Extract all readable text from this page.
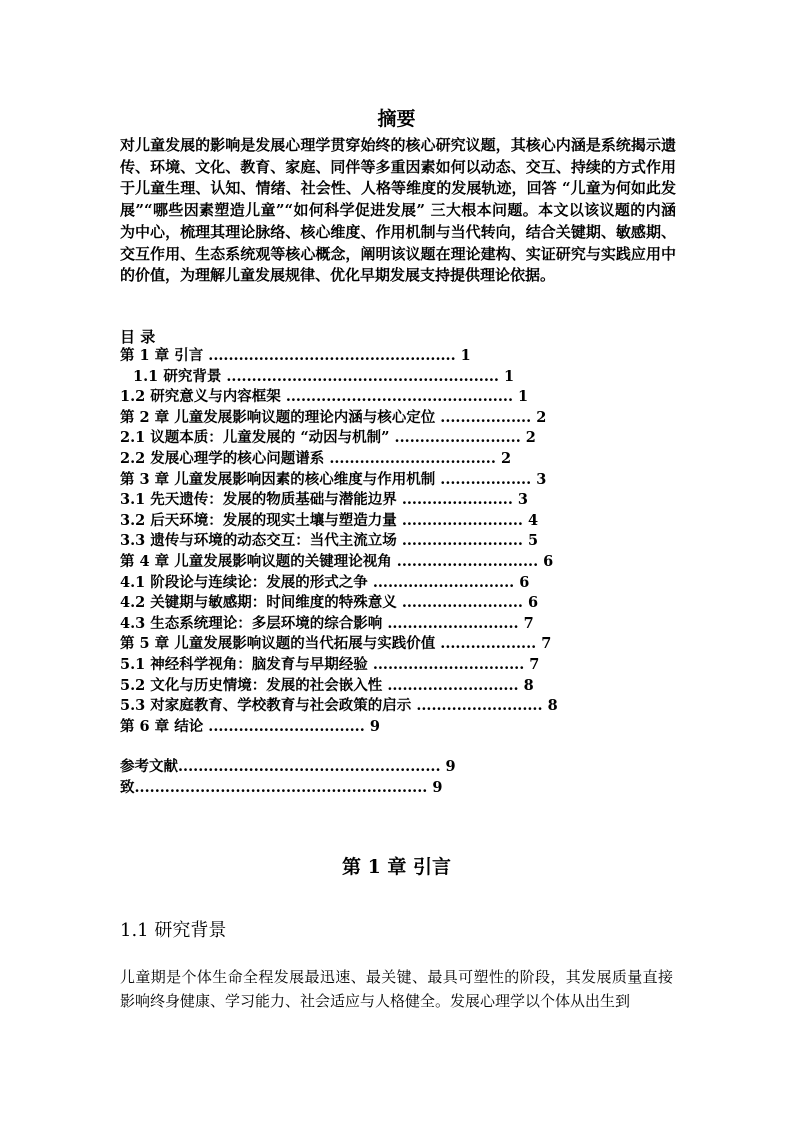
摘要

对儿童发展的影响是发展心理学贯穿始终的核心研究议题，其核心内涵是系统揭示遗传、环境、文化、教育、家庭、同伴等多重因素如何以动态、交互、持续的方式作用于儿童生理、认知、情绪、社会性、人格等维度的发展轨迹，回答 “儿童为何如此发展”“哪些因素塑造儿童”“如何科学促进发展” 三大根本问题。本文以该议题的内涵为中心，梳理其理论脉络、核心维度、作用机制与当代转向，结合关键期、敏感期、交互作用、生态系统观等核心概念，阐明该议题在理论建构、实证研究与实践应用中的价值，为理解儿童发展规律、优化早期发展支持提供理论依据。

目 录
第 1 章 引言 ................................................. 1
1.1 研究背景 ...................................................... 1
1.2 研究意义与内容框架 ............................................. 1
第 2 章 儿童发展影响议题的理论内涵与核心定位 .................. 2
2.1 议题本质：儿童发展的 “动因与机制” ......................... 2
2.2 发展心理学的核心问题谱系 ................................. 2
第 3 章 儿童发展影响因素的核心维度与作用机制 .................. 3
3.1 先天遗传：发展的物质基础与潜能边界 ...................... 3
3.2 后天环境：发展的现实土壤与塑造力量 ........................ 4
3.3 遗传与环境的动态交互：当代主流立场 ........................ 5
第 4 章 儿童发展影响议题的关键理论视角 ............................ 6
4.1 阶段论与连续论：发展的形式之争 ............................ 6
4.2 关键期与敏感期：时间维度的特殊意义 ........................ 6
4.3 生态系统理论：多层环境的综合影响 .......................... 7
第 5 章 儿童发展影响议题的当代拓展与实践价值 ................... 7
5.1 神经科学视角：脑发育与早期经验 .............................. 7
5.2 文化与历史情境：发展的社会嵌入性 .......................... 8
5.3 对家庭教育、学校教育与社会政策的启示 ......................... 8
第 6 章 结论 ............................... 9
参考文献.................................................... 9
致.......................................................... 9
第 1 章 引言
1.1 研究背景

儿童期是个体生命全程发展最迅速、最关键、最具可塑性的阶段，其发展质量直接影响终身健康、学习能力、社会适应与人格健全。发展心理学以个体从出生到
